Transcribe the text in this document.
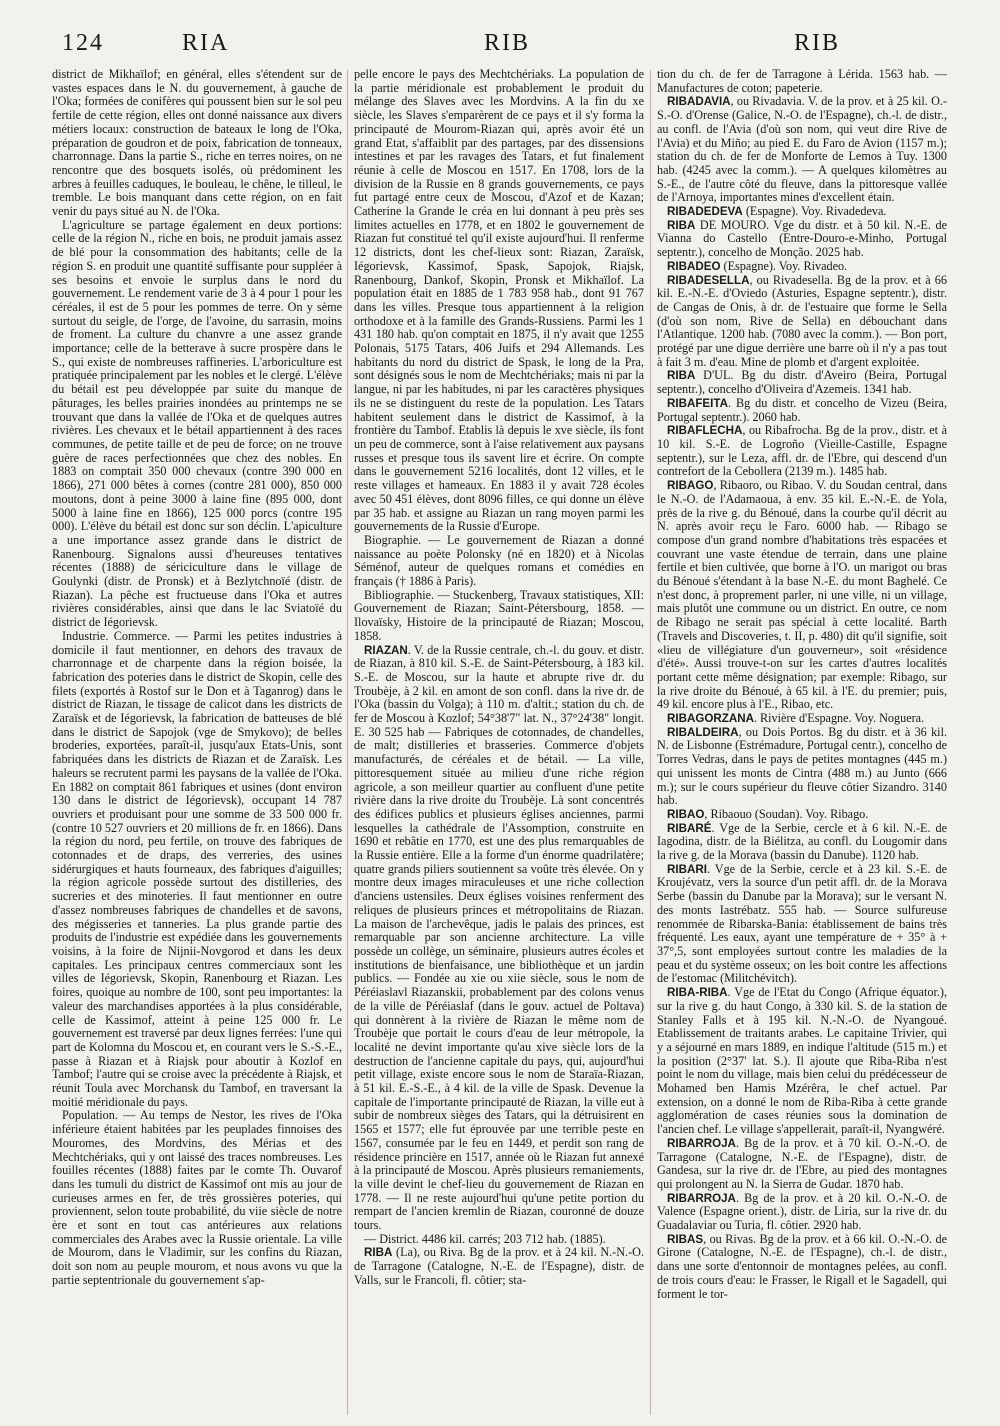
124	RIA	RIB	RIB

district de Mikhaïlof; en général, elles s'étendent sur de vastes espaces dans le N. du gouvernement, à gauche de l'Oka; formées de conifères qui poussent bien sur le sol peu fertile de cette région, elles ont donné naissance aux divers métiers locaux: construction de bateaux le long de l'Oka, préparation de goudron et de poix, fabrication de tonneaux, charronnage. Dans la partie S., riche en terres noires, on ne rencontre que des bosquets isolés, où prédominent les arbres à feuilles caduques, le bouleau, le chêne, le tilleul, le tremble. Le bois manquant dans cette région, on en fait venir du pays situé au N. de l'Oka.

L'agriculture se partage également en deux portions: celle de la région N., riche en bois, ne produit jamais assez de blé pour la consommation des habitants; celle de la région S. en produit une quantité suffisante pour suppléer à ses besoins et envoie le surplus dans le nord du gouvernement. Le rendement varie de 3 à 4 pour 1 pour les céréales, il est de 5 pour les pommes de terre. On y sème surtout du seigle, de l'orge, de l'avoine, du sarrasin, moins de froment. La culture du chanvre a une assez grande importance; celle de la betterave à sucre prospère dans le S., qui existe de nombreuses raffineries. L'arboriculture est pratiquée principalement par les nobles et le clergé. L'élève du bétail est peu développée par suite du manque de pâturages, les belles prairies inondées au printemps ne se trouvant que dans la vallée de l'Oka et de quelques autres rivières. Les chevaux et le bétail appartiennent à des races communes, de petite taille et de peu de force; on ne trouve guère de races perfectionnées que chez des nobles. En 1883 on comptait 350 000 chevaux (contre 390 000 en 1866), 271 000 bêtes à cornes (contre 281 000), 850 000 moutons, dont à peine 3000 à laine fine (895 000, dont 5000 à laine fine en 1866), 125 000 porcs (contre 195 000). L'élève du bétail est donc sur son déclin. L'apiculture a une importance assez grande dans le district de Ranenbourg. Signalons aussi d'heureuses tentatives récentes (1888) de sériciculture dans le village de Goulynki (distr. de Pronsk) et à Bezlytchnoïé (distr. de Riazan). La pêche est fructueuse dans l'Oka et autres rivières considérables, ainsi que dans le lac Sviatoïé du district de Iégorievsk.

Industrie. Commerce. — Parmi les petites industries à domicile il faut mentionner, en dehors des travaux de charronnage et de charpente dans la région boisée, la fabrication des poteries dans le district de Skopin, celle des filets (exportés à Rostof sur le Don et à Taganrog) dans le district de Riazan, le tissage de calicot dans les districts de Zaraïsk et de Iégorievsk, la fabrication de batteuses de blé dans le district de Sapojok (vge de Smykovo); de belles broderies, exportées, paraît-il, jusqu'aux Etats-Unis, sont fabriquées dans les districts de Riazan et de Zaraïsk. Les haleurs se recrutent parmi les paysans de la vallée de l'Oka. En 1882 on comptait 861 fabriques et usines (dont environ 130 dans le district de Iégorievsk), occupant 14 787 ouvriers et produisant pour une somme de 33 500 000 fr. (contre 10 527 ouvriers et 20 millions de fr. en 1866). Dans la région du nord, peu fertile, on trouve des fabriques de cotonnades et de draps, des verreries, des usines sidérurgiques et hauts fourneaux, des fabriques d'aiguilles; la région agricole possède surtout des distilleries, des sucreries et des minoteries. Il faut mentionner en outre d'assez nombreuses fabriques de chandelles et de savons, des mégisseries et tanneries. La plus grande partie des produits de l'industrie est expédiée dans les gouvernements voisins, à la foire de Nijnii-Novgorod et dans les deux capitales. Les principaux centres commerciaux sont les villes de Iégorievsk, Skopin, Ranenbourg et Riazan. Les foires, quoique au nombre de 100, sont peu importantes: la valeur des marchandises apportées à la plus considérable, celle de Kassimof, atteint à peine 125 000 fr. Le gouvernement est traversé par deux lignes ferrées: l'une qui part de Kolomna du Moscou et, en courant vers le S.-S.-E., passe à Riazan et à Riajsk pour aboutir à Kozlof en Tambof; l'autre qui se croise avec la précédente à Riajsk, et réunit Toula avec Morchansk du Tambof, en traversant la moitié méridionale du pays.

Population. — Au temps de Nestor, les rives de l'Oka inférieure étaient habitées par les peuplades finnoises des Mouromes, des Mordvins, des Mérias et des Mechtchériaks, qui y ont laissé des traces nombreuses. Les fouilles récentes (1888) faites par le comte Th. Ouvarof dans les tumuli du district de Kassimof ont mis au jour de curieuses armes en fer, de très grossières poteries, qui proviennent, selon toute probabilité, du viie siècle de notre ère et sont en tout cas antérieures aux relations commerciales des Arabes avec la Russie orientale. La ville de Mourom, dans le Vladimir, sur les confins du Riazan, doit son nom au peuple mourom, et nous avons vu que la partie septentrionale du gouvernement s'ap-

pelle encore le pays des Mechtchériaks. La population de la partie méridionale est probablement le produit du mélange des Slaves avec les Mordvins. A la fin du xe siècle, les Slaves s'emparèrent de ce pays et il s'y forma la principauté de Mourom-Riazan qui, après avoir été un grand Etat, s'affaiblit par des partages, par des dissensions intestines et par les ravages des Tatars, et fut finalement réunie à celle de Moscou en 1517. En 1708, lors de la division de la Russie en 8 grands gouvernements, ce pays fut partagé entre ceux de Moscou, d'Azof et de Kazan; Catherine la Grande le créa en lui donnant à peu près ses limites actuelles en 1778, et en 1802 le gouvernement de Riazan fut constitué tel qu'il existe aujourd'hui. Il renferme 12 districts, dont les chef-lieux sont: Riazan, Zaraïsk, Iégorievsk, Kassimof, Spask, Sapojok, Riajsk, Ranenbourg, Dankof, Skopin, Pronsk et Mikhaïlof. La population était en 1885 de 1 783 958 hab., dont 91 767 dans les villes. Presque tous appartiennent à la religion orthodoxe et à la famille des Grands-Russiens. Parmi les 1 431 180 hab. qu'on comptait en 1875, il n'y avait que 1255 Polonais, 5175 Tatars, 406 Juifs et 294 Allemands. Les habitants du nord du district de Spask, le long de la Pra, sont désignés sous le nom de Mechtchériaks; mais ni par la langue, ni par les habitudes, ni par les caractères physiques ils ne se distinguent du reste de la population. Les Tatars habitent seulement dans le district de Kassimof, à la frontière du Tambof. Etablis là depuis le xve siècle, ils font un peu de commerce, sont à l'aise relativement aux paysans russes et presque tous ils savent lire et écrire. On compte dans le gouvernement 5216 localités, dont 12 villes, et le reste villages et hameaux. En 1883 il y avait 728 écoles avec 50 451 élèves, dont 8096 filles, ce qui donne un élève par 35 hab. et assigne au Riazan un rang moyen parmi les gouvernements de la Russie d'Europe.

Biographie. — Le gouvernement de Riazan a donné naissance au poète Polonsky (né en 1820) et à Nicolas Séménof, auteur de quelques romans et comédies en français († 1886 à Paris).

Bibliographie. — Stuckenberg, Travaux statistiques, XII: Gouvernement de Riazan; Saint-Pétersbourg, 1858. — Ilovaïsky, Histoire de la principauté de Riazan; Moscou, 1858.

RIAZAN. V. de la Russie centrale, ch.-l. du gouv. et distr. de Riazan, à 810 kil. S.-E. de Saint-Pétersbourg, à 183 kil. S.-E. de Moscou, sur la haute et abrupte rive dr. du Troubèje, à 2 kil. en amont de son confl. dans la rive dr. de l'Oka (bassin du Volga); à 110 m. d'altit.; station du ch. de fer de Moscou à Kozlof; 54°38'7" lat. N., 37°24'38" longit. E. 30 525 hab — Fabriques de cotonnades, de chandelles, de malt; distilleries et brasseries. Commerce d'objets manufacturés, de céréales et de bétail. — La ville, pittoresquement située au milieu d'une riche région agricole, a son meilleur quartier au confluent d'une petite rivière dans la rive droite du Troubèje. Là sont concentrés des édifices publics et plusieurs églises anciennes, parmi lesquelles la cathédrale de l'Assomption, construite en 1690 et rebâtie en 1770, est une des plus remarquables de la Russie entière. Elle a la forme d'un énorme quadrilatère; quatre grands piliers soutiennent sa voûte très élevée. On y montre deux images miraculeuses et une riche collection d'anciens ustensiles. Deux églises voisines renferment des reliques de plusieurs princes et métropolitains de Riazan. La maison de l'archevêque, jadis le palais des princes, est remarquable par son ancienne architecture. La ville possède un collège, un séminaire, plusieurs autres écoles et institutions de bienfaisance, une bibliothèque et un jardin publics. — Fondée au xie ou xiie siècle, sous le nom de Péréiaslavl Riazanskii, probablement par des colons venus de la ville de Péréiaslaf (dans le gouv. actuel de Poltava) qui donnèrent à la rivière de Riazan le même nom de Troubèje que portait le cours d'eau de leur métropole, la localité ne devint importante qu'au xive siècle lors de la destruction de l'ancienne capitale du pays, qui, aujourd'hui petit village, existe encore sous le nom de Staraïa-Riazan, à 51 kil. E.-S.-E., à 4 kil. de la ville de Spask. Devenue la capitale de l'importante principauté de Riazan, la ville eut à subir de nombreux sièges des Tatars, qui la détruisirent en 1565 et 1577; elle fut éprouvée par une terrible peste en 1567, consumée par le feu en 1449, et perdit son rang de résidence princière en 1517, année où le Riazan fut annexé à la principauté de Moscou. Après plusieurs remaniements, la ville devint le chef-lieu du gouvernement de Riazan en 1778. — Il ne reste aujourd'hui qu'une petite portion du rempart de l'ancien kremlin de Riazan, couronné de douze tours.

— District. 4486 kil. carrés; 203 712 hab. (1885).

RIBA (La), ou Riva. Bg de la prov. et à 24 kil. N.-N.-O. de Tarragone (Catalogne, N.-E. de l'Espagne), distr. de Valls, sur le Francoli, fl. côtier; sta-

tion du ch. de fer de Tarragone à Lérida. 1563 hab. — Manufactures de coton; papeterie.

RIBADAVIA, ou Rivadavia. V. de la prov. et à 25 kil. O.-S.-O. d'Orense (Galice, N.-O. de l'Espagne), ch.-l. de distr., au confl. de l'Avia (d'où son nom, qui veut dire Rive de l'Avia) et du Miño; au pied E. du Faro de Avion (1157 m.); station du ch. de fer de Monforte de Lemos à Tuy. 1300 hab. (4245 avec la comm.). — A quelques kilomètres au S.-E., de l'autre côté du fleuve, dans la pittoresque vallée de l'Arnoya, importantes mines d'excellent étain.

RIBADEDEVA (Espagne). Voy. Rivadedeva.

RIBA DE MOURO. Vge du distr. et à 50 kil. N.-E. de Vianna do Castello (Entre-Douro-e-Minho, Portugal septentr.), concelho de Monção. 2025 hab.

RIBADEO (Espagne). Voy. Rivadeo.

RIBADESELLA, ou Rivadesella. Bg de la prov. et à 66 kil. E.-N.-E. d'Oviedo (Asturies, Espagne septentr.), distr. de Cangas de Onis, à dr. de l'estuaire que forme le Sella (d'où son nom, Rive de Sella) en débouchant dans l'Atlantique. 1200 hab. (7080 avec la comm.). — Bon port, protégé par une digue derrière une barre où il n'y a pas tout à fait 3 m. d'eau. Mine de plomb et d'argent exploitée.

RIBA D'UL. Bg du distr. d'Aveiro (Beira, Portugal septentr.), concelho d'Oliveira d'Azemeis. 1341 hab.

RIBAFEITA. Bg du distr. et concelho de Vizeu (Beira, Portugal septentr.). 2060 hab.

RIBAFLECHA, ou Ribafrocha. Bg de la prov., distr. et à 10 kil. S.-E. de Logroño (Vieille-Castille, Espagne septentr.), sur le Leza, affl. dr. de l'Ebre, qui descend d'un contrefort de la Cebollera (2139 m.). 1485 hab.

RIBAGO, Ribaoro, ou Ribao. V. du Soudan central, dans le N.-O. de l'Adamaoua, à env. 35 kil. E.-N.-E. de Yola, près de la rive g. du Bénoué, dans la courbe qu'il décrit au N. après avoir reçu le Faro. 6000 hab. — Ribago se compose d'un grand nombre d'habitations très espacées et couvrant une vaste étendue de terrain, dans une plaine fertile et bien cultivée, que borne à l'O. un marigot ou bras du Bénoué s'étendant à la base N.-E. du mont Baghelé. Ce n'est donc, à proprement parler, ni une ville, ni un village, mais plutôt une commune ou un district. En outre, ce nom de Ribago ne serait pas spécial à cette localité. Barth (Travels and Discoveries, t. II, p. 480) dit qu'il signifie, soit «lieu de villégiature d'un gouverneur», soit «résidence d'été». Aussi trouve-t-on sur les cartes d'autres localités portant cette même désignation; par exemple: Ribago, sur la rive droite du Bénoué, à 65 kil. à l'E. du premier; puis, 49 kil. encore plus à l'E., Ribao, etc.

RIBAGORZANA. Rivière d'Espagne. Voy. Noguera.

RIBALDEIRA, ou Dois Portos. Bg du distr. et à 36 kil. N. de Lisbonne (Estrémadure, Portugal centr.), concelho de Torres Vedras, dans le pays de petites montagnes (445 m.) qui unissent les monts de Cintra (488 m.) au Junto (666 m.); sur le cours supérieur du fleuve côtier Sizandro. 3140 hab.

RIBAO, Ribaouo (Soudan). Voy. Ribago.

RIBARÉ. Vge de la Serbie, cercle et à 6 kil. N.-E. de Iagodina, distr. de la Biélitza, au confl. du Lougomir dans la rive g. de la Morava (bassin du Danube). 1120 hab.

RIBARI. Vge de la Serbie, cercle et à 23 kil. S.-E. de Kroujévatz, vers la source d'un petit affl. dr. de la Morava Serbe (bassin du Danube par la Morava); sur le versant N. des monts Iastrébatz. 555 hab. — Source sulfureuse renommée de Ribarska-Bania: établissement de bains très fréquenté. Les eaux, ayant une température de + 35° à + 37°,5, sont employées surtout contre les maladies de la peau et du système osseux; on les boit contre les affections de l'estomac (Militchévitch).

RIBA-RIBA. Vge de l'Etat du Congo (Afrique équator.), sur la rive g. du haut Congo, à 330 kil. S. de la station de Stanley Falls et à 195 kil. N.-N.-O. de Nyangoué. Etablissement de traitants arabes. Le capitaine Trivier, qui y a séjourné en mars 1889, en indique l'altitude (515 m.) et la position (2°37' lat. S.). Il ajoute que Riba-Riba n'est point le nom du village, mais bien celui du prédécesseur de Mohamed ben Hamis Mzérêra, le chef actuel. Par extension, on a donné le nom de Riba-Riba à cette grande agglomération de cases réunies sous la domination de l'ancien chef. Le village s'appellerait, paraît-il, Nyangwéré.

RIBARROJA. Bg de la prov. et à 70 kil. O.-N.-O. de Tarragone (Catalogne, N.-E. de l'Espagne), distr. de Gandesa, sur la rive dr. de l'Ebre, au pied des montagnes qui prolongent au N. la Sierra de Gudar. 1870 hab.

RIBARROJA. Bg de la prov. et à 20 kil. O.-N.-O. de Valence (Espagne orient.), distr. de Liria, sur la rive dr. du Guadalaviar ou Turia, fl. côtier. 2920 hab.

RIBAS, ou Rivas. Bg de la prov. et à 66 kil. O.-N.-O. de Girone (Catalogne, N.-E. de l'Espagne), ch.-l. de distr., dans une sorte d'entonnoir de montagnes pelées, au confl. de trois cours d'eau: le Frasser, le Rigall et le Sagadell, qui forment le tor-
